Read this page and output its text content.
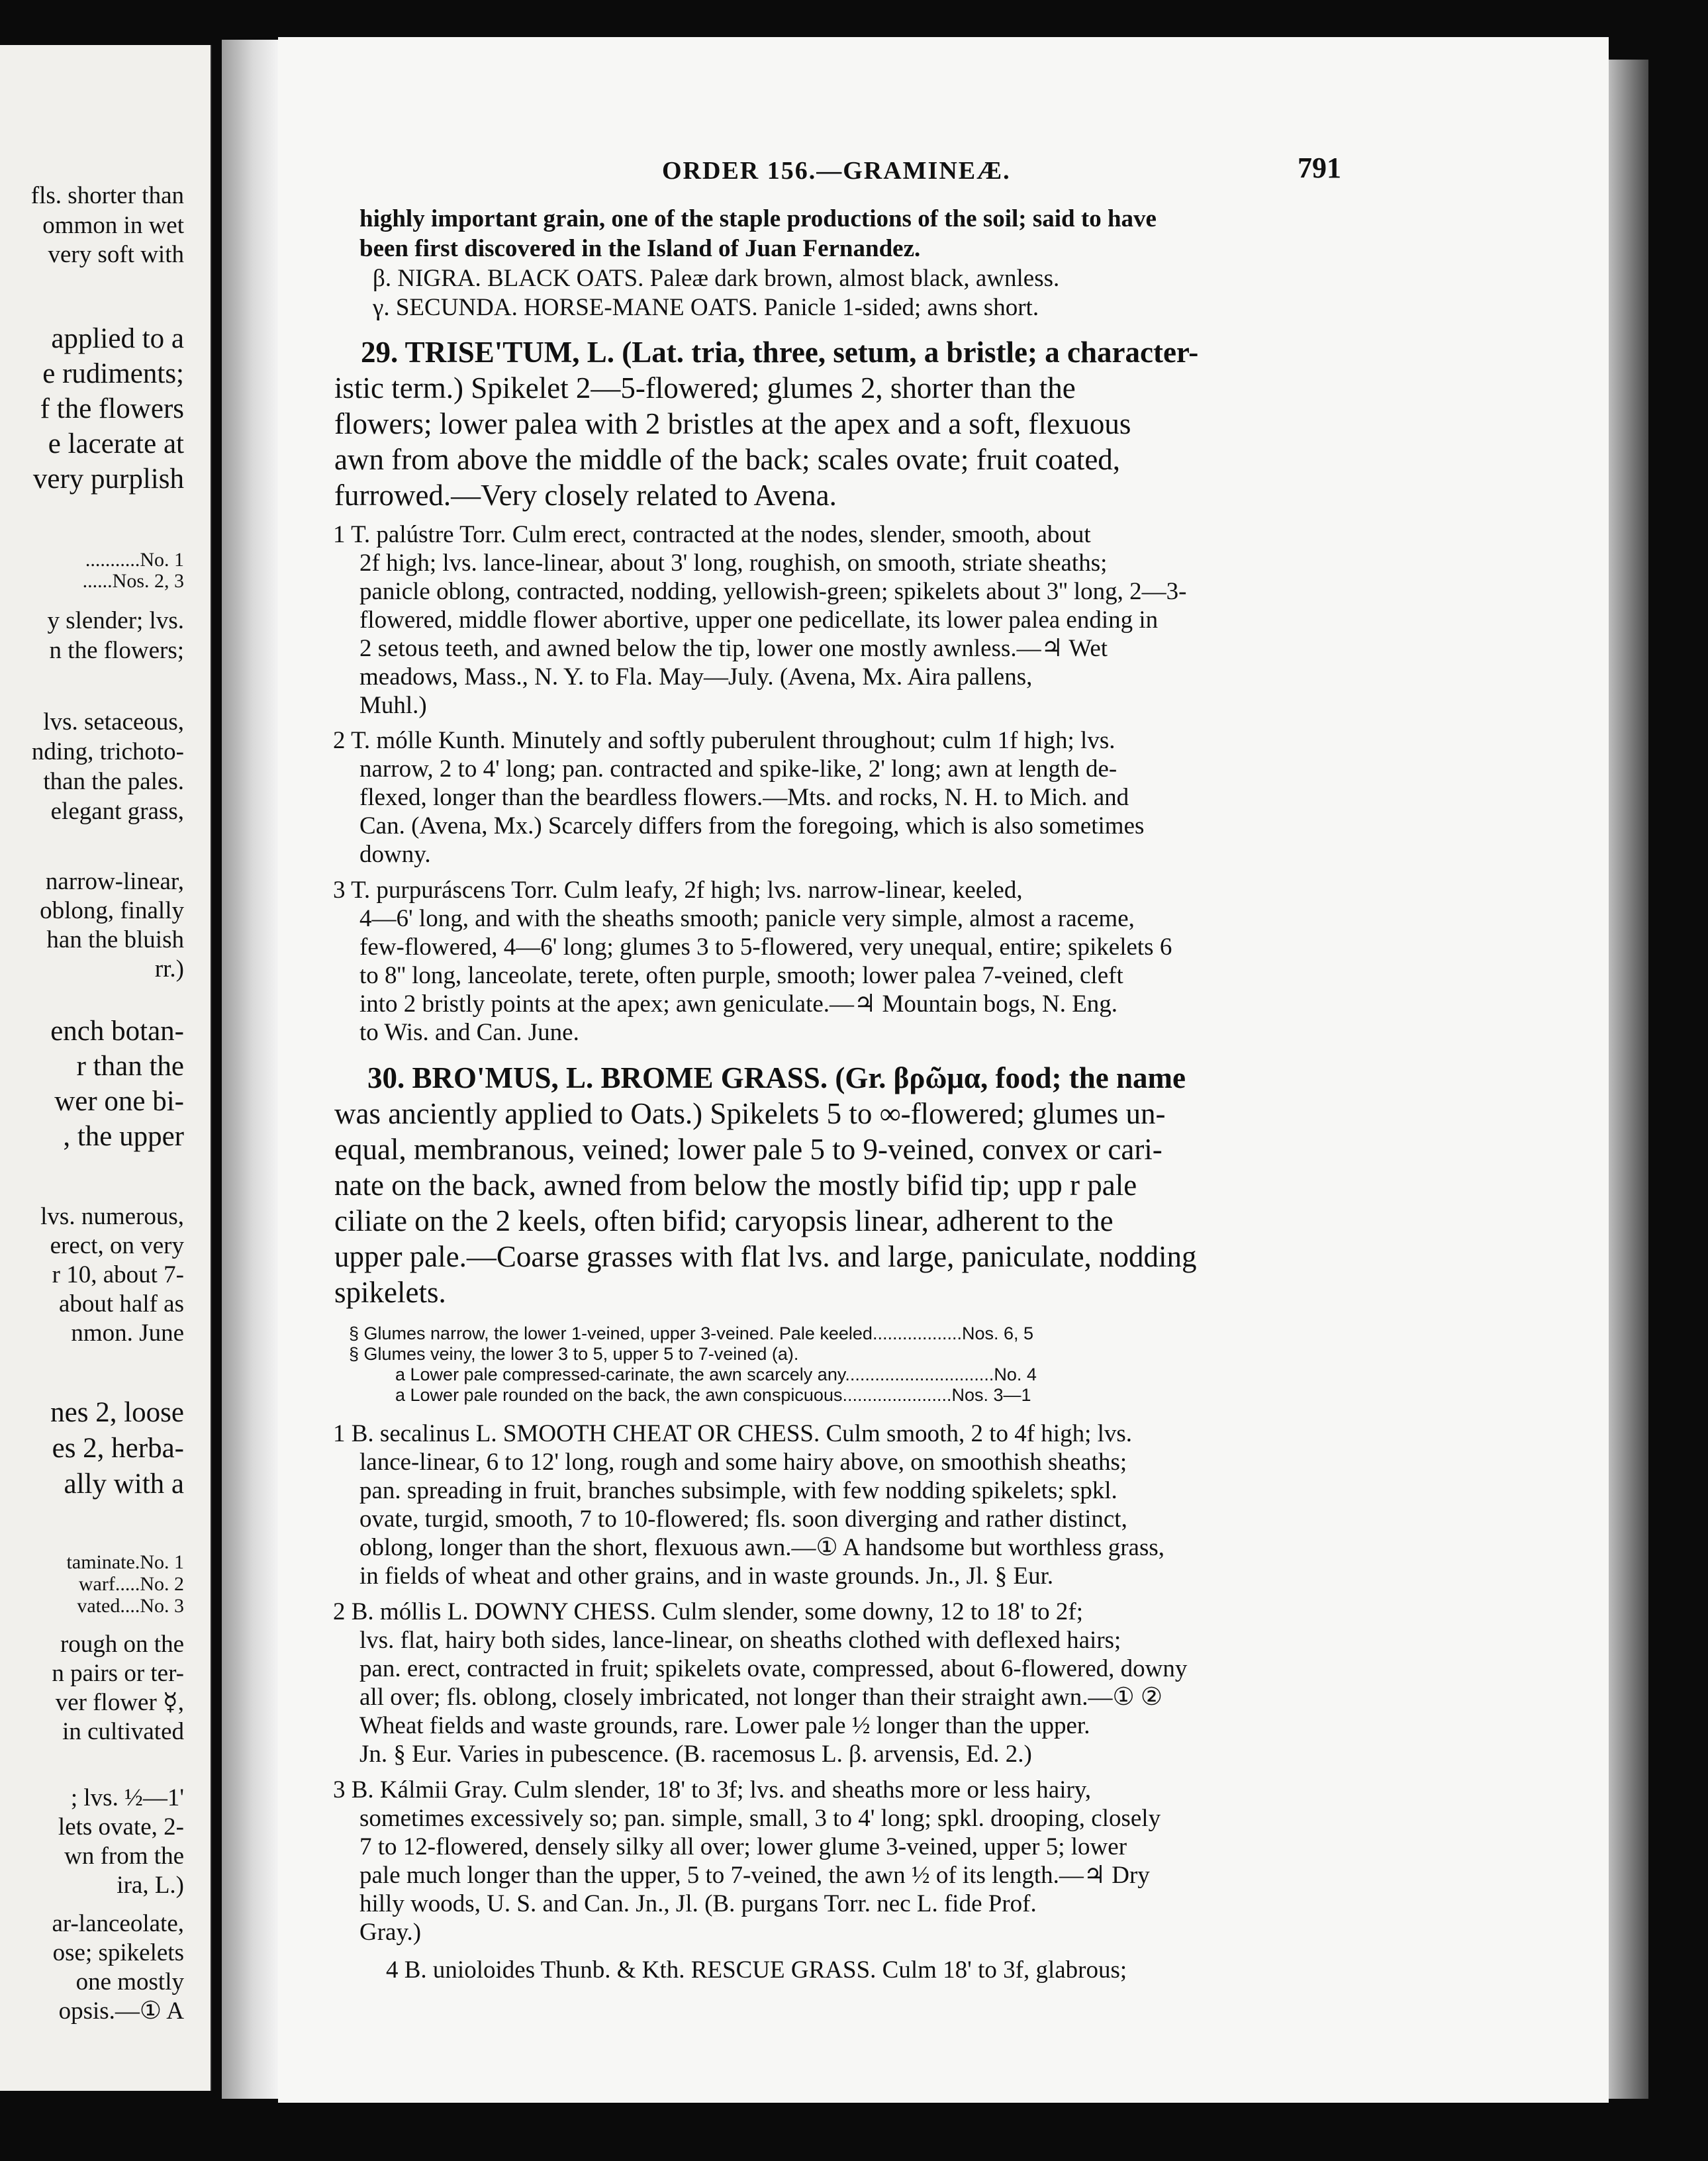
fls. shorter than
ommon in wet
very soft with
applied to a
e rudiments;
f the flowers
e lacerate at
very purplish
...........No. 1
......Nos. 2, 3
y slender; lvs.
n the flowers;
lvs. setaceous,
nding, trichoto-
than the pales.
elegant grass,
narrow-linear,
oblong, finally
han the bluish
rr.)
ench botan-
r than the
wer one bi-
, the upper
lvs. numerous,
erect, on very
r 10, about 7-
about half as
nmon. June
nes 2, loose
es 2, herba-
ally with a
taminate.No. 1
warf.....No. 2
vated....No. 3
rough on the
n pairs or ter-
ver flower ☿,
in cultivated
; lvs. ½—1'
lets ovate, 2-
wn from the
ira, L.)
ar-lanceolate,
ose; spikelets
one mostly
opsis.—① A
ORDER 156.—GRAMINEÆ.	791
highly important grain, one of the staple productions of the soil; said to have
been first discovered in the Island of Juan Fernandez.
β. NIGRA. BLACK OATS. Paleæ dark brown, almost black, awnless.
γ. SECUNDA. HORSE-MANE OATS. Panicle 1-sided; awns short.
29. TRISE'TUM, L. (Lat. tria, three, setum, a bristle; a character-
istic term.) Spikelet 2—5-flowered; glumes 2, shorter than the
flowers; lower palea with 2 bristles at the apex and a soft, flexuous
awn from above the middle of the back; scales ovate; fruit coated,
furrowed.—Very closely related to Avena.
1 T. palústre Torr. Culm erect, contracted at the nodes, slender, smooth, about
2f high; lvs. lance-linear, about 3' long, roughish, on smooth, striate sheaths;
panicle oblong, contracted, nodding, yellowish-green; spikelets about 3'' long, 2—3-
flowered, middle flower abortive, upper one pedicellate, its lower palea ending in
2 setous teeth, and awned below the tip, lower one mostly awnless.—♃ Wet
meadows, Mass., N. Y. to Fla. May—July. (Avena, Mx. Aira pallens,
Muhl.)
2 T. mólle Kunth. Minutely and softly puberulent throughout; culm 1f high; lvs.
narrow, 2 to 4' long; pan. contracted and spike-like, 2' long; awn at length de-
flexed, longer than the beardless flowers.—Mts. and rocks, N. H. to Mich. and
Can. (Avena, Mx.) Scarcely differs from the foregoing, which is also sometimes
downy.
3 T. purpuráscens Torr. Culm leafy, 2f high; lvs. narrow-linear, keeled,
4—6' long, and with the sheaths smooth; panicle very simple, almost a raceme,
few-flowered, 4—6' long; glumes 3 to 5-flowered, very unequal, entire; spikelets 6
to 8'' long, lanceolate, terete, often purple, smooth; lower palea 7-veined, cleft
into 2 bristly points at the apex; awn geniculate.—♃ Mountain bogs, N. Eng.
to Wis. and Can. June.
30. BRO'MUS, L. BROME GRASS. (Gr. βρῶμα, food; the name
was anciently applied to Oats.) Spikelets 5 to ∞-flowered; glumes un-
equal, membranous, veined; lower pale 5 to 9-veined, convex or cari-
nate on the back, awned from below the mostly bifid tip; upp r pale
ciliate on the 2 keels, often bifid; caryopsis linear, adherent to the
upper pale.—Coarse grasses with flat lvs. and large, paniculate, nodding
spikelets.
§ Glumes narrow, the lower 1-veined, upper 3-veined. Pale keeled..................Nos. 6, 5
§ Glumes veiny, the lower 3 to 5, upper 5 to 7-veined (a).
a Lower pale compressed-carinate, the awn scarcely any..............................No. 4
a Lower pale rounded on the back, the awn conspicuous......................Nos. 3—1
1 B. secalinus L. SMOOTH CHEAT OR CHESS. Culm smooth, 2 to 4f high; lvs.
lance-linear, 6 to 12' long, rough and some hairy above, on smoothish sheaths;
pan. spreading in fruit, branches subsimple, with few nodding spikelets; spkl.
ovate, turgid, smooth, 7 to 10-flowered; fls. soon diverging and rather distinct,
oblong, longer than the short, flexuous awn.—① A handsome but worthless grass,
in fields of wheat and other grains, and in waste grounds. Jn., Jl. § Eur.
2 B. móllis L. DOWNY CHESS. Culm slender, some downy, 12 to 18' to 2f;
lvs. flat, hairy both sides, lance-linear, on sheaths clothed with deflexed hairs;
pan. erect, contracted in fruit; spikelets ovate, compressed, about 6-flowered, downy
all over; fls. oblong, closely imbricated, not longer than their straight awn.—① ②
Wheat fields and waste grounds, rare. Lower pale ½ longer than the upper.
Jn. § Eur. Varies in pubescence. (B. racemosus L. β. arvensis, Ed. 2.)
3 B. Kálmii Gray. Culm slender, 18' to 3f; lvs. and sheaths more or less hairy,
sometimes excessively so; pan. simple, small, 3 to 4' long; spkl. drooping, closely
7 to 12-flowered, densely silky all over; lower glume 3-veined, upper 5; lower
pale much longer than the upper, 5 to 7-veined, the awn ½ of its length.—♃ Dry
hilly woods, U. S. and Can. Jn., Jl. (B. purgans Torr. nec L. fide Prof.
Gray.)
4 B. unioloides Thunb. & Kth. RESCUE GRASS. Culm 18' to 3f, glabrous;
